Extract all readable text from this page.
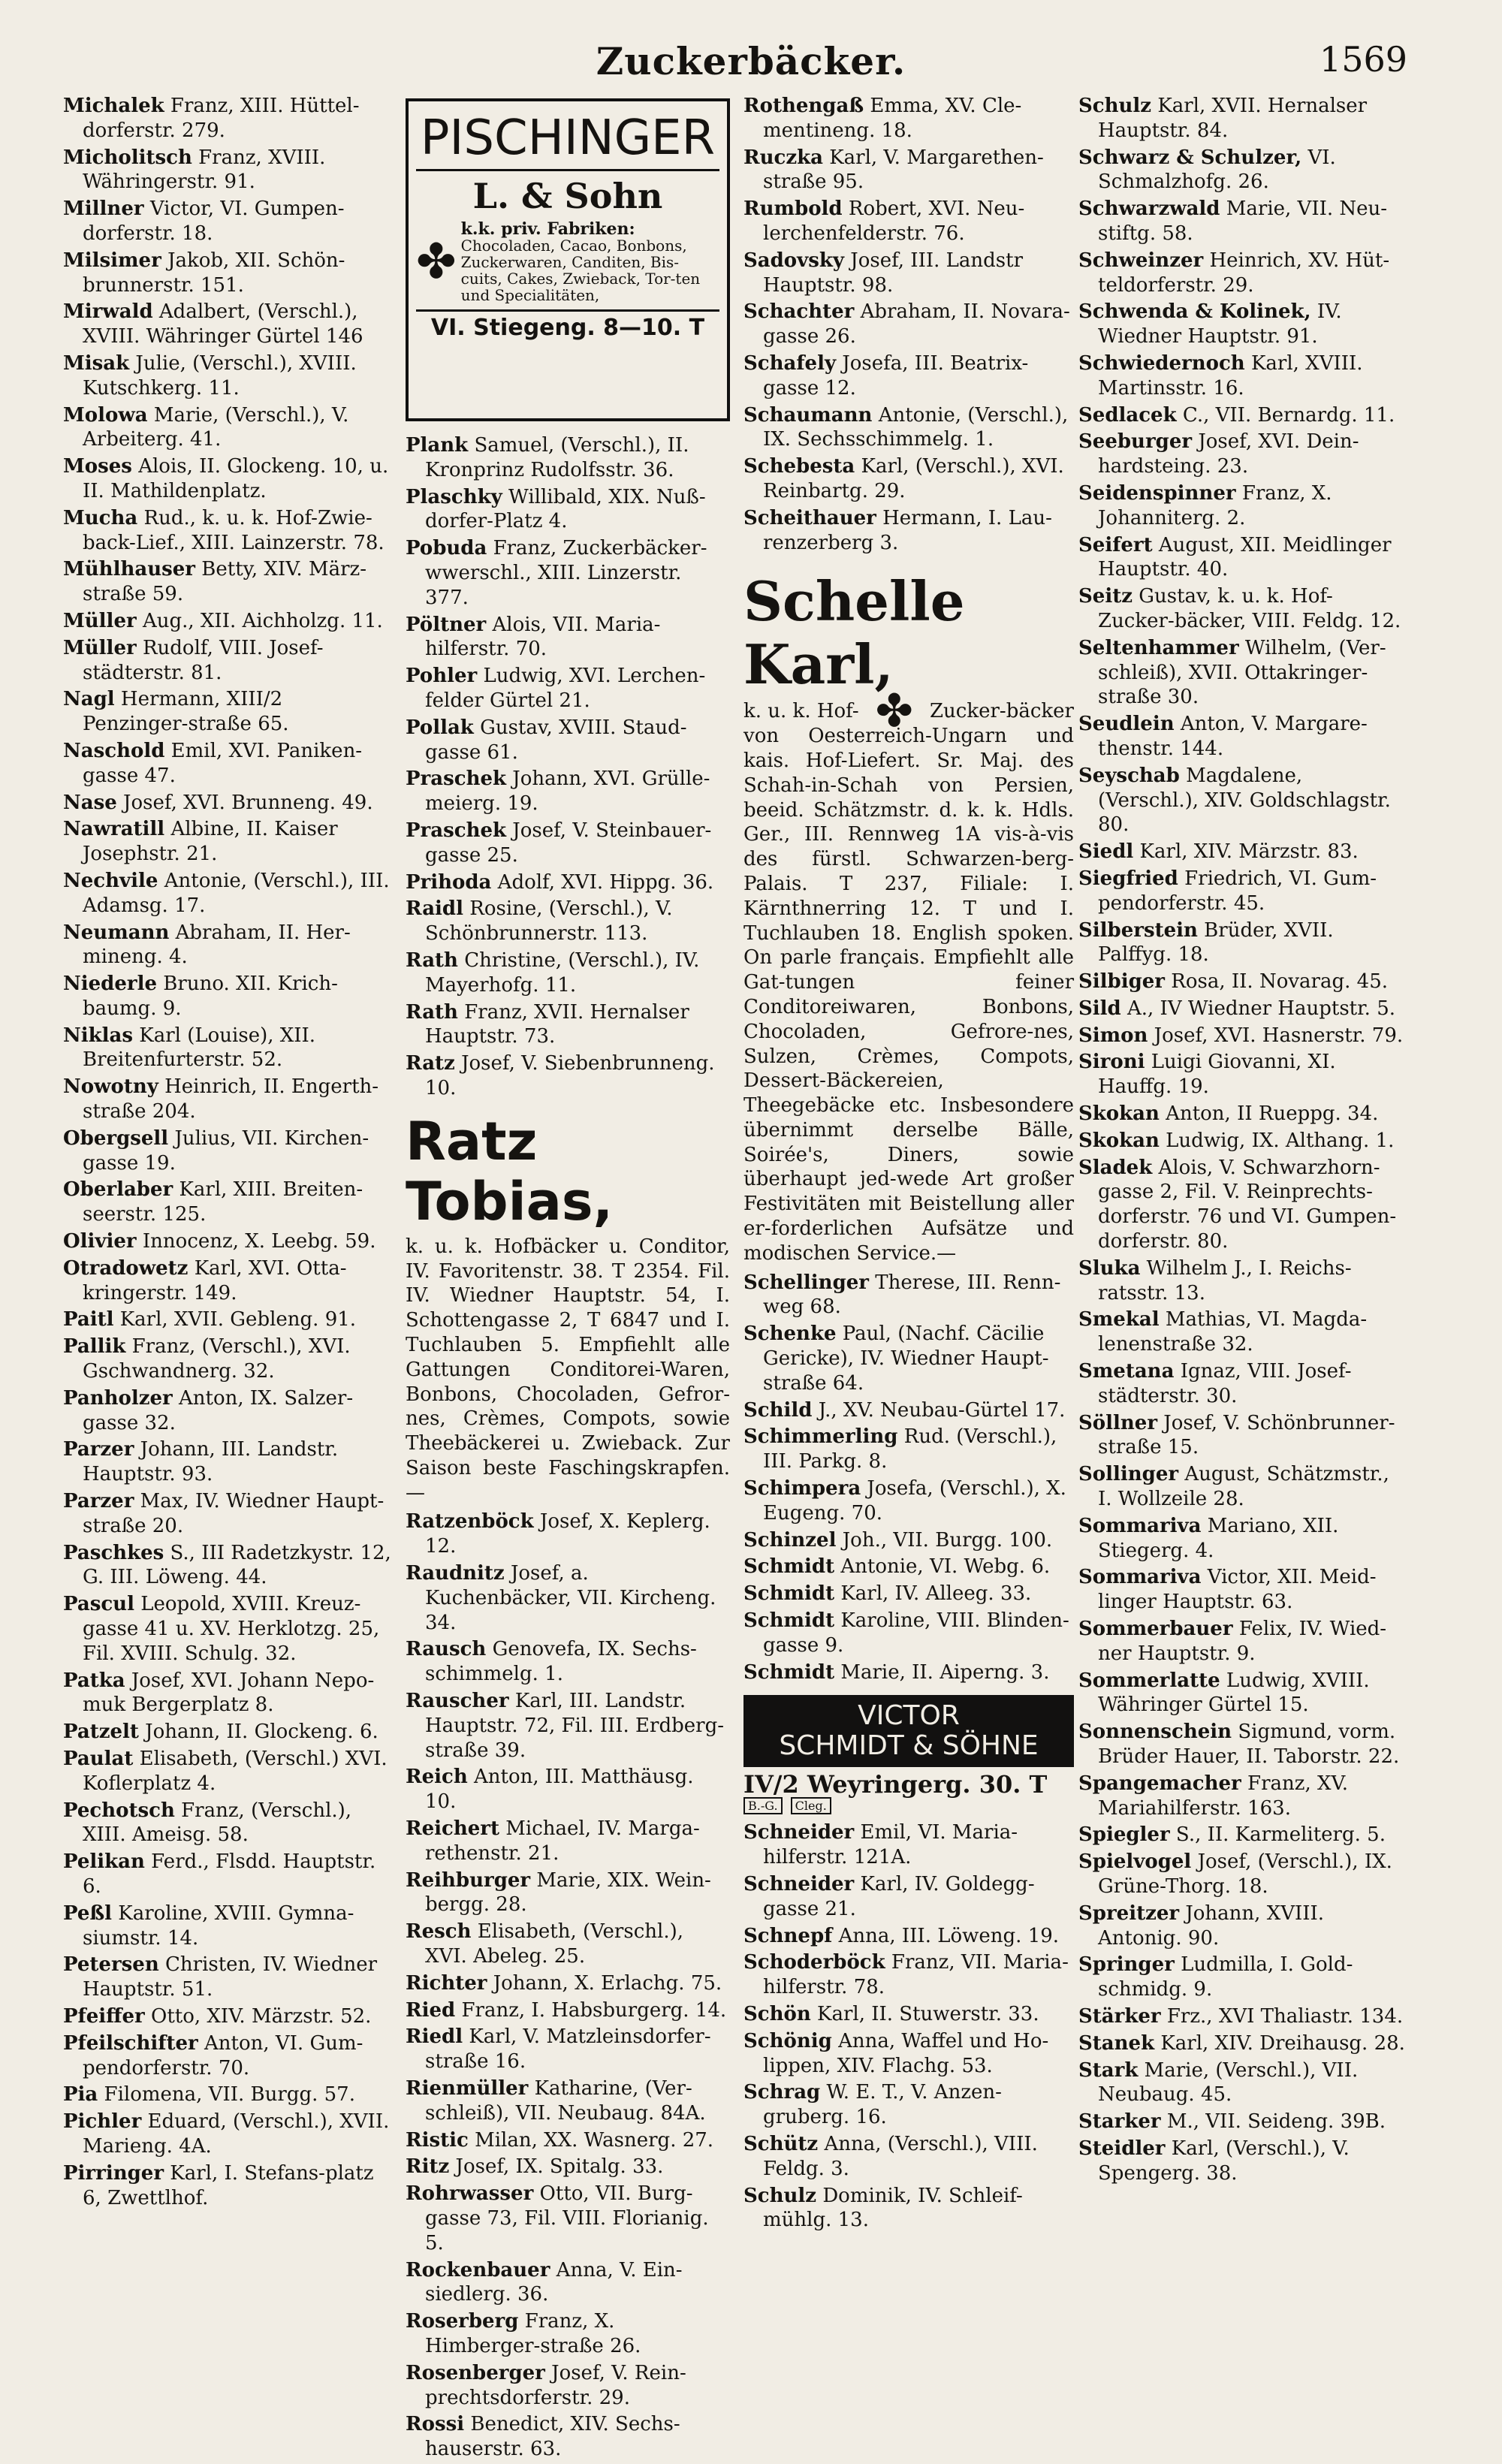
Zuckerbäcker.	1569
Michalek Franz, XIII. Hüttel-dorferstr. 279.
Micholitsch Franz, XVIII. Währingerstr. 91.
Millner Victor, VI. Gumpen-dorferstr. 18.
Milsimer Jakob, XII. Schön-brunnerstr. 151.
Mirwald Adalbert, (Verschl.), XVIII. Währinger Gürtel 146
Misak Julie, (Verschl.), XVIII. Kutschkerg. 11.
Molowa Marie, (Verschl.), V. Arbeiterg. 41.
Moses Alois, II. Glockeng. 10, u. II. Mathildenplatz.
Mucha Rud., k. u. k. Hof-Zwie-back-Lief., XIII. Lainzerstr. 78.
Mühlhauser Betty, XIV. März-straße 59.
Müller Aug., XII. Aichholzg. 11.
Müller Rudolf, VIII. Josef-städterstr. 81.
Nagl Hermann, XIII/2 Penzinger-straße 65.
Naschold Emil, XVI. Paniken-gasse 47.
Nase Josef, XVI. Brunneng. 49.
Nawratill Albine, II. Kaiser Josephstr. 21.
Nechvile Antonie, (Verschl.), III. Adamsg. 17.
Neumann Abraham, II. Her-mineng. 4.
Niederle Bruno. XII. Krich-baumg. 9.
Niklas Karl (Louise), XII. Breitenfurterstr. 52.
Nowotny Heinrich, II. Engerth-straße 204.
Obergsell Julius, VII. Kirchen-gasse 19.
Oberlaber Karl, XIII. Breiten-seerstr. 125.
Olivier Innocenz, X. Leebg. 59.
Otradowetz Karl, XVI. Otta-kringerstr. 149.
Paitl Karl, XVII. Gebleng. 91.
Pallik Franz, (Verschl.), XVI. Gschwandnerg. 32.
Panholzer Anton, IX. Salzer-gasse 32.
Parzer Johann, III. Landstr. Hauptstr. 93.
Parzer Max, IV. Wiedner Haupt-straße 20.
Paschkes S., III Radetzkystr. 12, G. III. Löweng. 44.
Pascul Leopold, XVIII. Kreuz-gasse 41 u. XV. Herklotzg. 25, Fil. XVIII. Schulg. 32.
Patka Josef, XVI. Johann Nepo-muk Bergerplatz 8.
Patzelt Johann, II. Glockeng. 6.
Paulat Elisabeth, (Verschl.) XVI. Koflerplatz 4.
Pechotsch Franz, (Verschl.), XIII. Ameisg. 58.
Pelikan Ferd., Flsdd. Hauptstr. 6.
Peßl Karoline, XVIII. Gymna-siumstr. 14.
Petersen Christen, IV. Wiedner Hauptstr. 51.
Pfeiffer Otto, XIV. Märzstr. 52.
Pfeilschifter Anton, VI. Gum-pendorferstr. 70.
Pia Filomena, VII. Burgg. 57.
Pichler Eduard, (Verschl.), XVII. Marieng. 4A.
Pirringer Karl, I. Stefans-platz 6, Zwettlhof.
PISCHINGER
L. & Sohn
✤
k.k. priv. Fabriken:
Chocoladen, Cacao, Bonbons, Zuckerwaren, Canditen, Bis-cuits, Cakes, Zwieback, Tor-ten und Specialitäten,
VI. Stiegeng. 8—10. T
Plank Samuel, (Verschl.), II. Kronprinz Rudolfsstr. 36.
Plaschky Willibald, XIX. Nuß-dorfer-Platz 4.
Pobuda Franz, Zuckerbäcker-wwerschl., XIII. Linzerstr. 377.
Pöltner Alois, VII. Maria-hilferstr. 70.
Pohler Ludwig, XVI. Lerchen-felder Gürtel 21.
Pollak Gustav, XVIII. Staud-gasse 61.
Praschek Johann, XVI. Grülle-meierg. 19.
Praschek Josef, V. Steinbauer-gasse 25.
Prihoda Adolf, XVI. Hippg. 36.
Raidl Rosine, (Verschl.), V. Schönbrunnerstr. 113.
Rath Christine, (Verschl.), IV. Mayerhofg. 11.
Rath Franz, XVII. Hernalser Hauptstr. 73.
Ratz Josef, V. Siebenbrunneng. 10.
Ratz Tobias,
k. u. k. Hofbäcker u. Conditor, IV. Favoritenstr. 38. T 2354. Fil. IV. Wiedner Hauptstr. 54, I. Schottengasse 2, T 6847 und I. Tuchlauben 5. Empfiehlt alle Gattungen Conditorei-Waren, Bonbons, Chocoladen, Gefror-nes, Crèmes, Compots, sowie Theebäckerei u. Zwieback. Zur Saison beste Faschingskrapfen.—
Ratzenböck Josef, X. Keplerg. 12.
Raudnitz Josef, a. Kuchenbäcker, VII. Kircheng. 34.
Rausch Genovefa, IX. Sechs-schimmelg. 1.
Rauscher Karl, III. Landstr. Hauptstr. 72, Fil. III. Erdberg-straße 39.
Reich Anton, III. Matthäusg. 10.
Reichert Michael, IV. Marga-rethenstr. 21.
Reihburger Marie, XIX. Wein-bergg. 28.
Resch Elisabeth, (Verschl.), XVI. Abeleg. 25.
Richter Johann, X. Erlachg. 75.
Ried Franz, I. Habsburgerg. 14.
Riedl Karl, V. Matzleinsdorfer-straße 16.
Rienmüller Katharine, (Ver-schleiß), VII. Neubaug. 84A.
Ristic Milan, XX. Wasnerg. 27.
Ritz Josef, IX. Spitalg. 33.
Rohrwasser Otto, VII. Burg-gasse 73, Fil. VIII. Florianig. 5.
Rockenbauer Anna, V. Ein-siedlerg. 36.
Roserberg Franz, X. Himberger-straße 26.
Rosenberger Josef, V. Rein-prechtsdorferstr. 29.
Rossi Benedict, XIV. Sechs-hauserstr. 63.
Rothengaß Emma, XV. Cle-mentineng. 18.
Ruczka Karl, V. Margarethen-straße 95.
Rumbold Robert, XVI. Neu-lerchenfelderstr. 76.
Sadovsky Josef, III. Landstr Hauptstr. 98.
Schachter Abraham, II. Novara-gasse 26.
Schafely Josefa, III. Beatrix-gasse 12.
Schaumann Antonie, (Verschl.), IX. Sechsschimmelg. 1.
Schebesta Karl, (Verschl.), XVI. Reinbartg. 29.
Scheithauer Hermann, I. Lau-renzerberg 3.
Schelle Karl,
k. u. k. Hof- ✤ Zucker-bäcker
von Oesterreich-Ungarn und kais. Hof-Liefert. Sr. Maj. des Schah-in-Schah von Persien, beeid. Schätzmstr. d. k. k. Hdls. Ger., III. Rennweg 1A vis-à-vis des fürstl. Schwarzen-berg-Palais. T 237, Filiale: I. Kärnthnerring 12. T und I. Tuchlauben 18. English spoken. On parle français. Empfiehlt alle Gat-tungen feiner Conditoreiwaren, Bonbons, Chocoladen, Gefrore-nes, Sulzen, Crèmes, Compots, Dessert-Bäckereien, Theegebäcke etc. Insbesondere übernimmt derselbe Bälle, Soirée's, Diners, sowie überhaupt jed-wede Art großer Festivitäten mit Beistellung aller er-forderlichen Aufsätze und modischen Service.—
Schellinger Therese, III. Renn-weg 68.
Schenke Paul, (Nachf. Cäcilie Gericke), IV. Wiedner Haupt-straße 64.
Schild J., XV. Neubau-Gürtel 17.
Schimmerling Rud. (Verschl.), III. Parkg. 8.
Schimpera Josefa, (Verschl.), X. Eugeng. 70.
Schinzel Joh., VII. Burgg. 100.
Schmidt Antonie, VI. Webg. 6.
Schmidt Karl, IV. Alleeg. 33.
Schmidt Karoline, VIII. Blinden-gasse 9.
Schmidt Marie, II. Aiperng. 3.
VICTOR
SCHMIDT & SÖHNE
IV/2 Weyringerg. 30. T
B.-G. Cleg.
Schneider Emil, VI. Maria-hilferstr. 121A.
Schneider Karl, IV. Goldegg-gasse 21.
Schnepf Anna, III. Löweng. 19.
Schoderböck Franz, VII. Maria-hilferstr. 78.
Schön Karl, II. Stuwerstr. 33.
Schönig Anna, Waffel und Ho-lippen, XIV. Flachg. 53.
Schrag W. E. T., V. Anzen-gruberg. 16.
Schütz Anna, (Verschl.), VIII. Feldg. 3.
Schulz Dominik, IV. Schleif-mühlg. 13.
Schulz Karl, XVII. Hernalser Hauptstr. 84.
Schwarz & Schulzer, VI. Schmalzhofg. 26.
Schwarzwald Marie, VII. Neu-stiftg. 58.
Schweinzer Heinrich, XV. Hüt-teldorferstr. 29.
Schwenda & Kolinek, IV. Wiedner Hauptstr. 91.
Schwiedernoch Karl, XVIII. Martinsstr. 16.
Sedlacek C., VII. Bernardg. 11.
Seeburger Josef, XVI. Dein-hardsteing. 23.
Seidenspinner Franz, X. Johanniterg. 2.
Seifert August, XII. Meidlinger Hauptstr. 40.
Seitz Gustav, k. u. k. Hof-Zucker-bäcker, VIII. Feldg. 12.
Seltenhammer Wilhelm, (Ver-schleiß), XVII. Ottakringer-straße 30.
Seudlein Anton, V. Margare-thenstr. 144.
Seyschab Magdalene, (Verschl.), XIV. Goldschlagstr. 80.
Siedl Karl, XIV. Märzstr. 83.
Siegfried Friedrich, VI. Gum-pendorferstr. 45.
Silberstein Brüder, XVII. Palffyg. 18.
Silbiger Rosa, II. Novarag. 45.
Sild A., IV Wiedner Hauptstr. 5.
Simon Josef, XVI. Hasnerstr. 79.
Sironi Luigi Giovanni, XI. Hauffg. 19.
Skokan Anton, II Rueppg. 34.
Skokan Ludwig, IX. Althang. 1.
Sladek Alois, V. Schwarzhorn-gasse 2, Fil. V. Reinprechts-dorferstr. 76 und VI. Gumpen-dorferstr. 80.
Sluka Wilhelm J., I. Reichs-ratsstr. 13.
Smekal Mathias, VI. Magda-lenenstraße 32.
Smetana Ignaz, VIII. Josef-städterstr. 30.
Söllner Josef, V. Schönbrunner-straße 15.
Sollinger August, Schätzmstr., I. Wollzeile 28.
Sommariva Mariano, XII. Stiegerg. 4.
Sommariva Victor, XII. Meid-linger Hauptstr. 63.
Sommerbauer Felix, IV. Wied-ner Hauptstr. 9.
Sommerlatte Ludwig, XVIII. Währinger Gürtel 15.
Sonnenschein Sigmund, vorm. Brüder Hauer, II. Taborstr. 22.
Spangemacher Franz, XV. Mariahilferstr. 163.
Spiegler S., II. Karmeliterg. 5.
Spielvogel Josef, (Verschl.), IX. Grüne-Thorg. 18.
Spreitzer Johann, XVIII. Antonig. 90.
Springer Ludmilla, I. Gold-schmidg. 9.
Stärker Frz., XVI Thaliastr. 134.
Stanek Karl, XIV. Dreihausg. 28.
Stark Marie, (Verschl.), VII. Neubaug. 45.
Starker M., VII. Seideng. 39B.
Steidler Karl, (Verschl.), V. Spengerg. 38.
